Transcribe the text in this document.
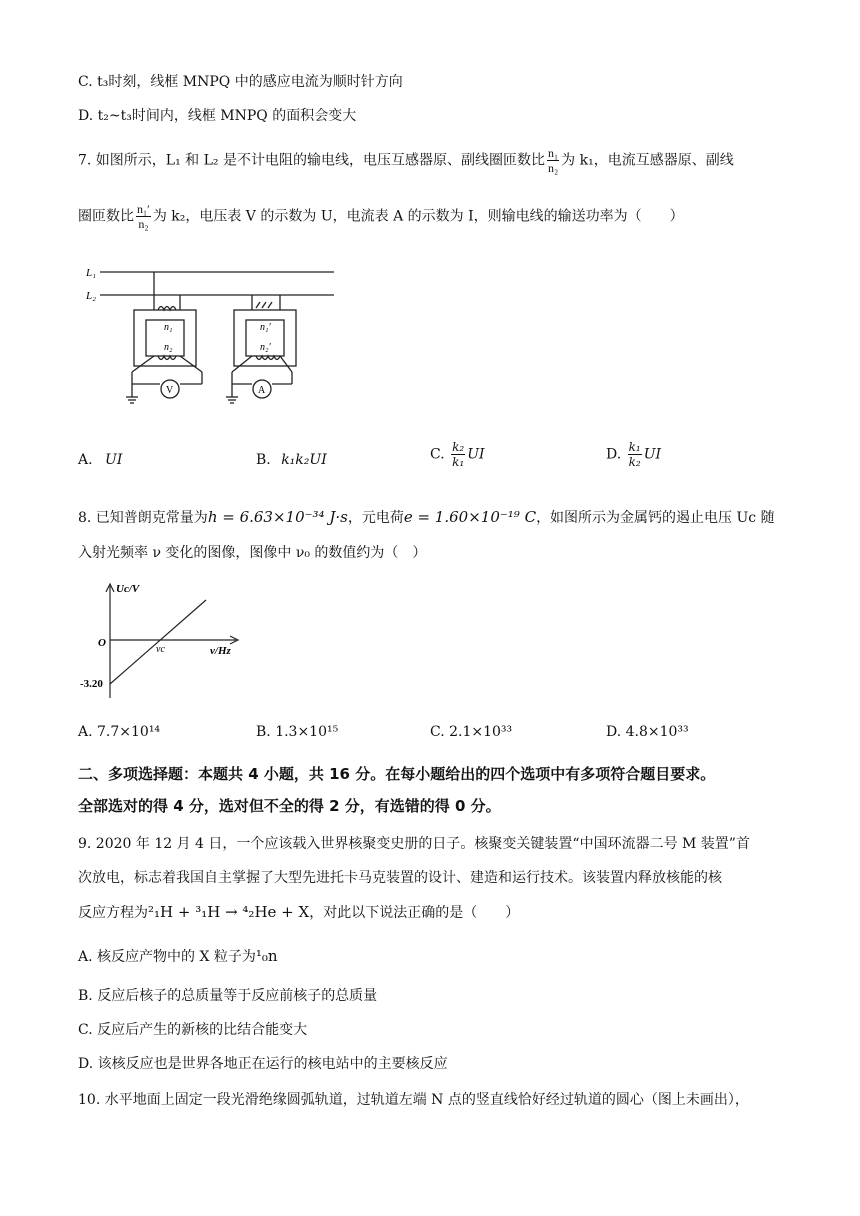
C. t₃时刻，线框 MNPQ 中的感应电流为顺时针方向
D. t₂~t₃时间内，线框 MNPQ 的面积会变大
7. 如图所示，L₁ 和 L₂ 是不计电阻的输电线，电压互感器原、副线圈匝数比 $\frac{\text{n₁}}{\text{n₂}}$ 为 k₁，电流互感器原、副线
圈匝数比 $\frac{\text{n₁′}}{\text{n₂}}$ 为 k₂，电压表 V 的示数为 U，电流表 A 的示数为 I，则输电线的输送功率为（　　）
L₁
L₂
n₁
n₂
n₁′
n₂′
V	A
A. UI	B. k₁k₂UI	C. $\frac{\text{k₂}}{\text{k₁}}$ UI	D. $\frac{\text{k₁}}{\text{k₂}}$ UI
8. 已知普朗克常量为h = 6.63×10⁻³⁴ J·s，元电荷e = 1.60×10⁻¹⁹ C，如图所示为金属钙的遏止电压 Uc 随
入射光频率 ν 变化的图像，图像中 ν₀ 的数值约为（　）
Uc/V
ν/Hz
O
-3.20
νc
A. 7.7×10¹⁴	B. 1.3×10¹⁵	C. 2.1×10³³	D. 4.8×10³³
二、多项选择题：本题共 4 小题，共 16 分。在每小题给出的四个选项中有多项符合题目要求。
全部选对的得 4 分，选对但不全的得 2 分，有选错的得 0 分。
9. 2020 年 12 月 4 日，一个应该载入世界核聚变史册的日子。核聚变关键装置“中国环流器二号 M 装置”首
次放电，标志着我国自主掌握了大型先进托卡马克装置的设计、建造和运行技术。该装置内释放核能的核
反应方程为²₁H + ³₁H → ⁴₂He + X，对此以下说法正确的是（　　）
A. 核反应产物中的 X 粒子为¹₀n
B. 反应后核子的总质量等于反应前核子的总质量
C. 反应后产生的新核的比结合能变大
D. 该核反应也是世界各地正在运行的核电站中的主要核反应
10. 水平地面上固定一段光滑绝缘圆弧轨道，过轨道左端 N 点的竖直线恰好经过轨道的圆心（图上未画出），
